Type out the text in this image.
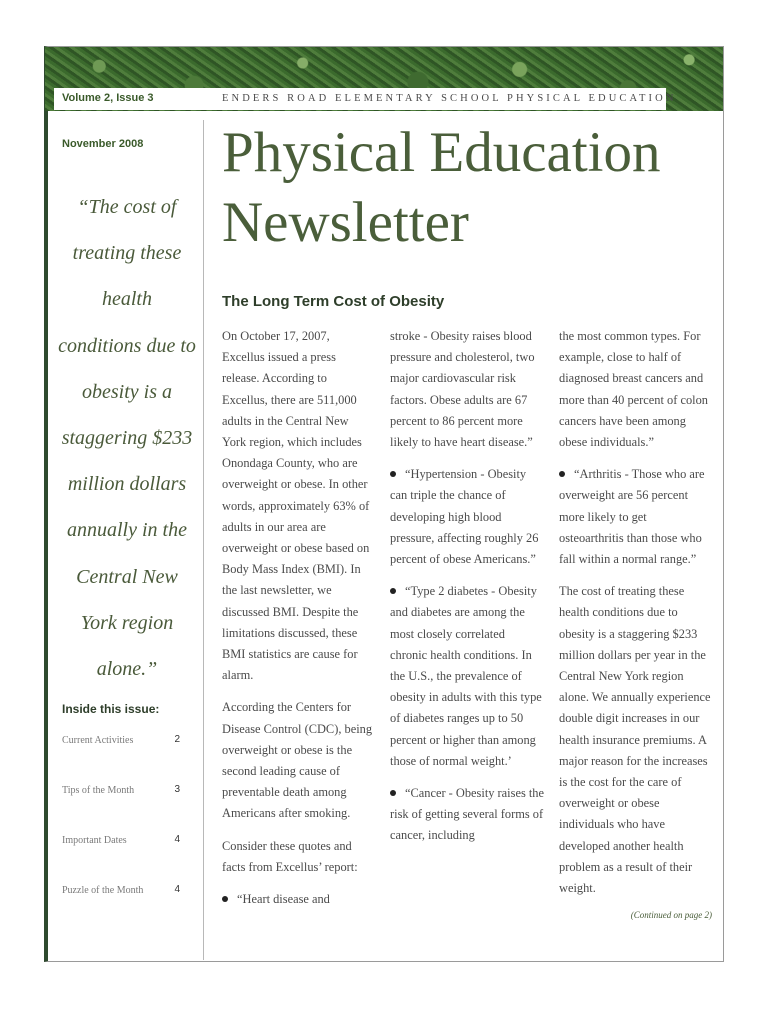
Volume 2, Issue 3	ENDERS ROAD ELEMENTARY SCHOOL PHYSICAL EDUCATION
November 2008
“The cost of
treating these
health
conditions due to
obesity is a
staggering $233
million dollars
annually in the
Central New
York region
alone.”
Inside this issue:
Current Activities	2
Tips of the Month	3
Important Dates	4
Puzzle of the Month	4
Physical Education
Newsletter
The Long Term Cost of Obesity

On October 17, 2007, Excellus issued a press release. According to Excellus, there are 511,000 adults in the Central New York region, which includes Onondaga County, who are overweight or obese. In other words, approximately 63% of adults in our area are overweight or obese based on Body Mass Index (BMI). In the last newsletter, we discussed BMI. Despite the limitations discussed, these BMI statistics are cause for alarm.

According the Centers for Disease Control (CDC), being overweight or obese is the second leading cause of preventable death among Americans after smoking.

Consider these quotes and facts from Excellus’ report:

“Heart disease and

stroke - Obesity raises blood pressure and cholesterol, two major cardiovascular risk factors. Obese adults are 67 percent to 86 percent more likely to have heart disease.”

“Hypertension - Obesity can triple the chance of developing high blood pressure, affecting roughly 26 percent of obese Americans.”

“Type 2 diabetes - Obesity and diabetes are among the most closely correlated chronic health conditions. In the U.S., the prevalence of obesity in adults with this type of diabetes ranges up to 50 percent or higher than among those of normal weight.’

“Cancer - Obesity raises the risk of getting several forms of cancer, including

the most common types. For example, close to half of diagnosed breast cancers and more than 40 percent of colon cancers have been among obese individuals.”

“Arthritis - Those who are overweight are 56 percent more likely to get osteoarthritis than those who fall within a normal range.”

The cost of treating these health conditions due to obesity is a staggering $233 million dollars per year in the Central New York region alone. We annually experience double digit increases in our health insurance premiums. A major reason for the increases is the cost for the care of overweight or obese individuals who have developed another health problem as a result of their weight.

(Continued on page 2)
